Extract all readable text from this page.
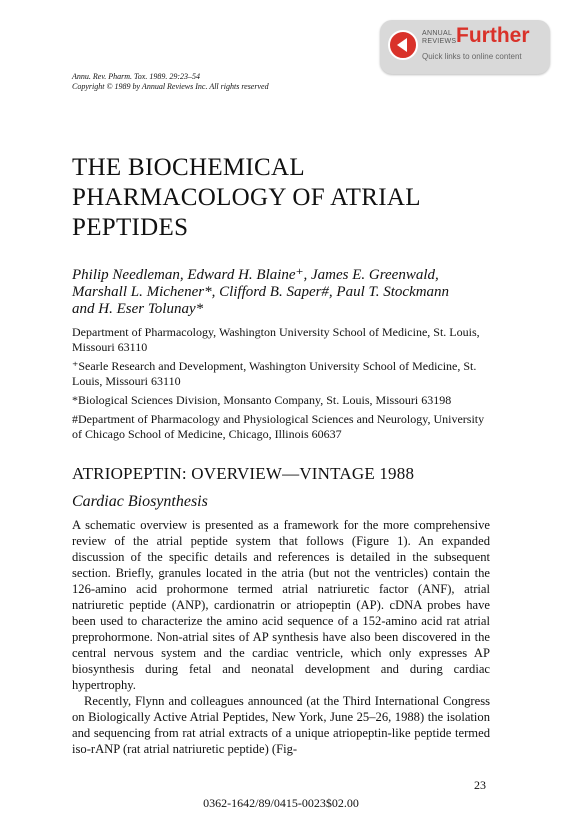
ANNUAL
REVIEWS Further
Quick links to online content
Annu. Rev. Pharm. Tox. 1989. 29:23–54
Copyright © 1989 by Annual Reviews Inc. All rights reserved
THE BIOCHEMICAL
PHARMACOLOGY OF ATRIAL
PEPTIDES
Philip Needleman, Edward H. Blaine⁺, James E. Greenwald,
Marshall L. Michener*, Clifford B. Saper#, Paul T. Stockmann
and H. Eser Tolunay*

Department of Pharmacology, Washington University School of Medicine, St. Louis, Missouri 63110

⁺Searle Research and Development, Washington University School of Medicine, St. Louis, Missouri 63110

*Biological Sciences Division, Monsanto Company, St. Louis, Missouri 63198

#Department of Pharmacology and Physiological Sciences and Neurology, University of Chicago School of Medicine, Chicago, Illinois 60637

ATRIOPEPTIN: OVERVIEW—VINTAGE 1988
Cardiac Biosynthesis

A schematic overview is presented as a framework for the more comprehensive review of the atrial peptide system that follows (Figure 1). An expanded discussion of the specific details and references is detailed in the subsequent section. Briefly, granules located in the atria (but not the ventricles) contain the 126-amino acid prohormone termed atrial natriuretic factor (ANF), atrial natriuretic peptide (ANP), cardionatrin or atriopeptin (AP). cDNA probes have been used to characterize the amino acid sequence of a 152-amino acid rat atrial preprohormone. Non-atrial sites of AP synthesis have also been discovered in the central nervous system and the cardiac ventricle, which only expresses AP biosynthesis during fetal and neonatal development and during cardiac hypertrophy.

Recently, Flynn and colleagues announced (at the Third International Congress on Biologically Active Atrial Peptides, New York, June 25–26, 1988) the isolation and sequencing from rat atrial extracts of a unique atriopeptin-like peptide termed iso-rANP (rat atrial natriuretic peptide) (Fig-

23
0362-1642/89/0415-0023$02.00
